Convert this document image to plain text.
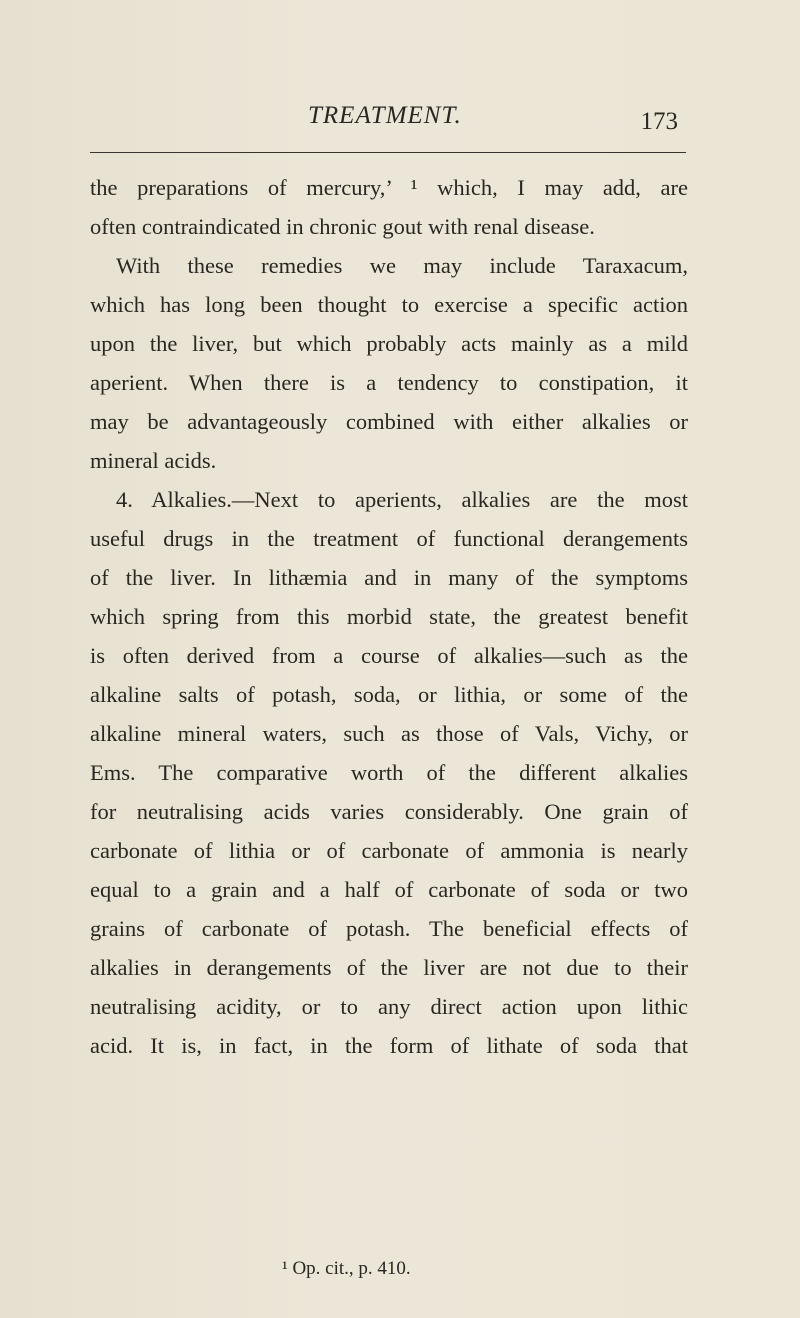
TREATMENT.	173
the preparations of mercury,’ ¹ which, I may add, are
often contraindicated in chronic gout with renal disease.
With these remedies we may include Taraxacum,
which has long been thought to exercise a specific action
upon the liver, but which probably acts mainly as a mild
aperient. When there is a tendency to constipation, it
may be advantageously combined with either alkalies or
mineral acids.
4. Alkalies.—Next to aperients, alkalies are the most
useful drugs in the treatment of functional derangements
of the liver. In lithæmia and in many of the symptoms
which spring from this morbid state, the greatest benefit
is often derived from a course of alkalies—such as the
alkaline salts of potash, soda, or lithia, or some of the
alkaline mineral waters, such as those of Vals, Vichy, or
Ems. The comparative worth of the different alkalies
for neutralising acids varies considerably. One grain of
carbonate of lithia or of carbonate of ammonia is nearly
equal to a grain and a half of carbonate of soda or two
grains of carbonate of potash. The beneficial effects of
alkalies in derangements of the liver are not due to their
neutralising acidity, or to any direct action upon lithic
acid. It is, in fact, in the form of lithate of soda that
¹ Op. cit., p. 410.
